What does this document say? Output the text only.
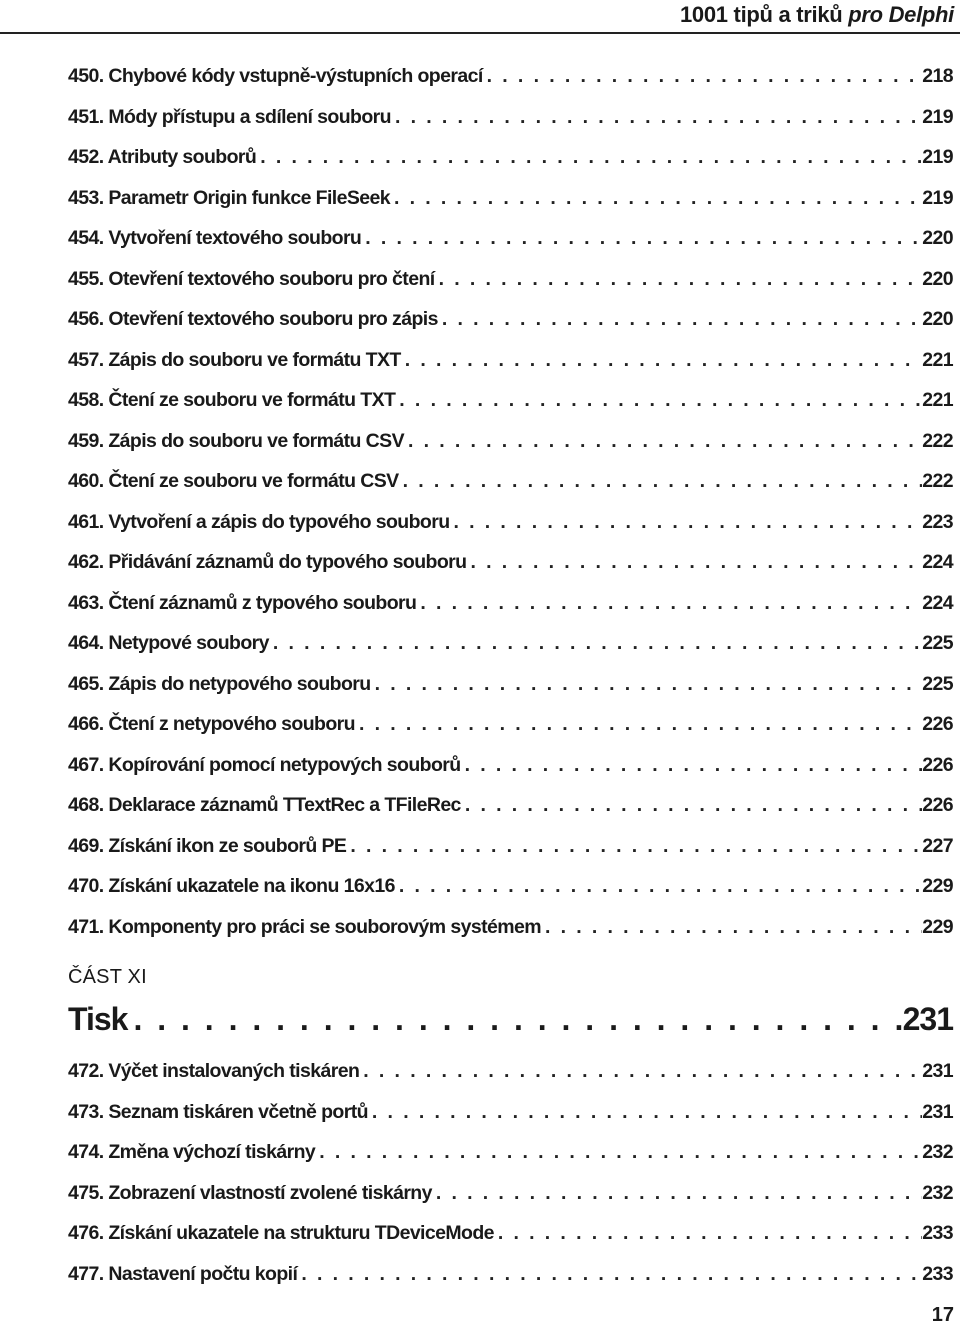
1001 tipů a triků pro Delphi
450. Chybové kódy vstupně-výstupních operací . . .	218
451. Módy přístupu a sdílení souboru . . .	219
452. Atributy souborů . . .	219
453. Parametr Origin funkce FileSeek . . .	219
454. Vytvoření textového souboru . . .	220
455. Otevření textového souboru pro čtení . . .	220
456. Otevření textového souboru pro zápis . . .	220
457. Zápis do souboru ve formátu TXT . . .	221
458. Čtení ze souboru ve formátu TXT . . .	221
459. Zápis do souboru ve formátu CSV . . .	222
460. Čtení ze souboru ve formátu CSV . . .	222
461. Vytvoření a zápis do typového souboru . . .	223
462. Přidávání záznamů do typového souboru . . .	224
463. Čtení záznamů z typového souboru . . .	224
464. Netypové soubory . . .	225
465. Zápis do netypového souboru . . .	225
466. Čtení z netypového souboru . . .	226
467. Kopírování pomocí netypových souborů . . .	226
468. Deklarace záznamů TTextRec a TFileRec . . .	226
469. Získání ikon ze souborů PE . . .	227
470. Získání ukazatele na ikonu 16x16 . . .	229
471. Komponenty pro práci se souborovým systémem . . .	229
ČÁST XI
Tisk . . .	231
472. Výčet instalovaných tiskáren . . .	231
473. Seznam tiskáren včetně portů . . .	231
474. Změna výchozí tiskárny . . .	232
475. Zobrazení vlastností zvolené tiskárny . . .	232
476. Získání ukazatele na strukturu TDeviceMode . . .	233
477. Nastavení počtu kopií . . .	233
17
